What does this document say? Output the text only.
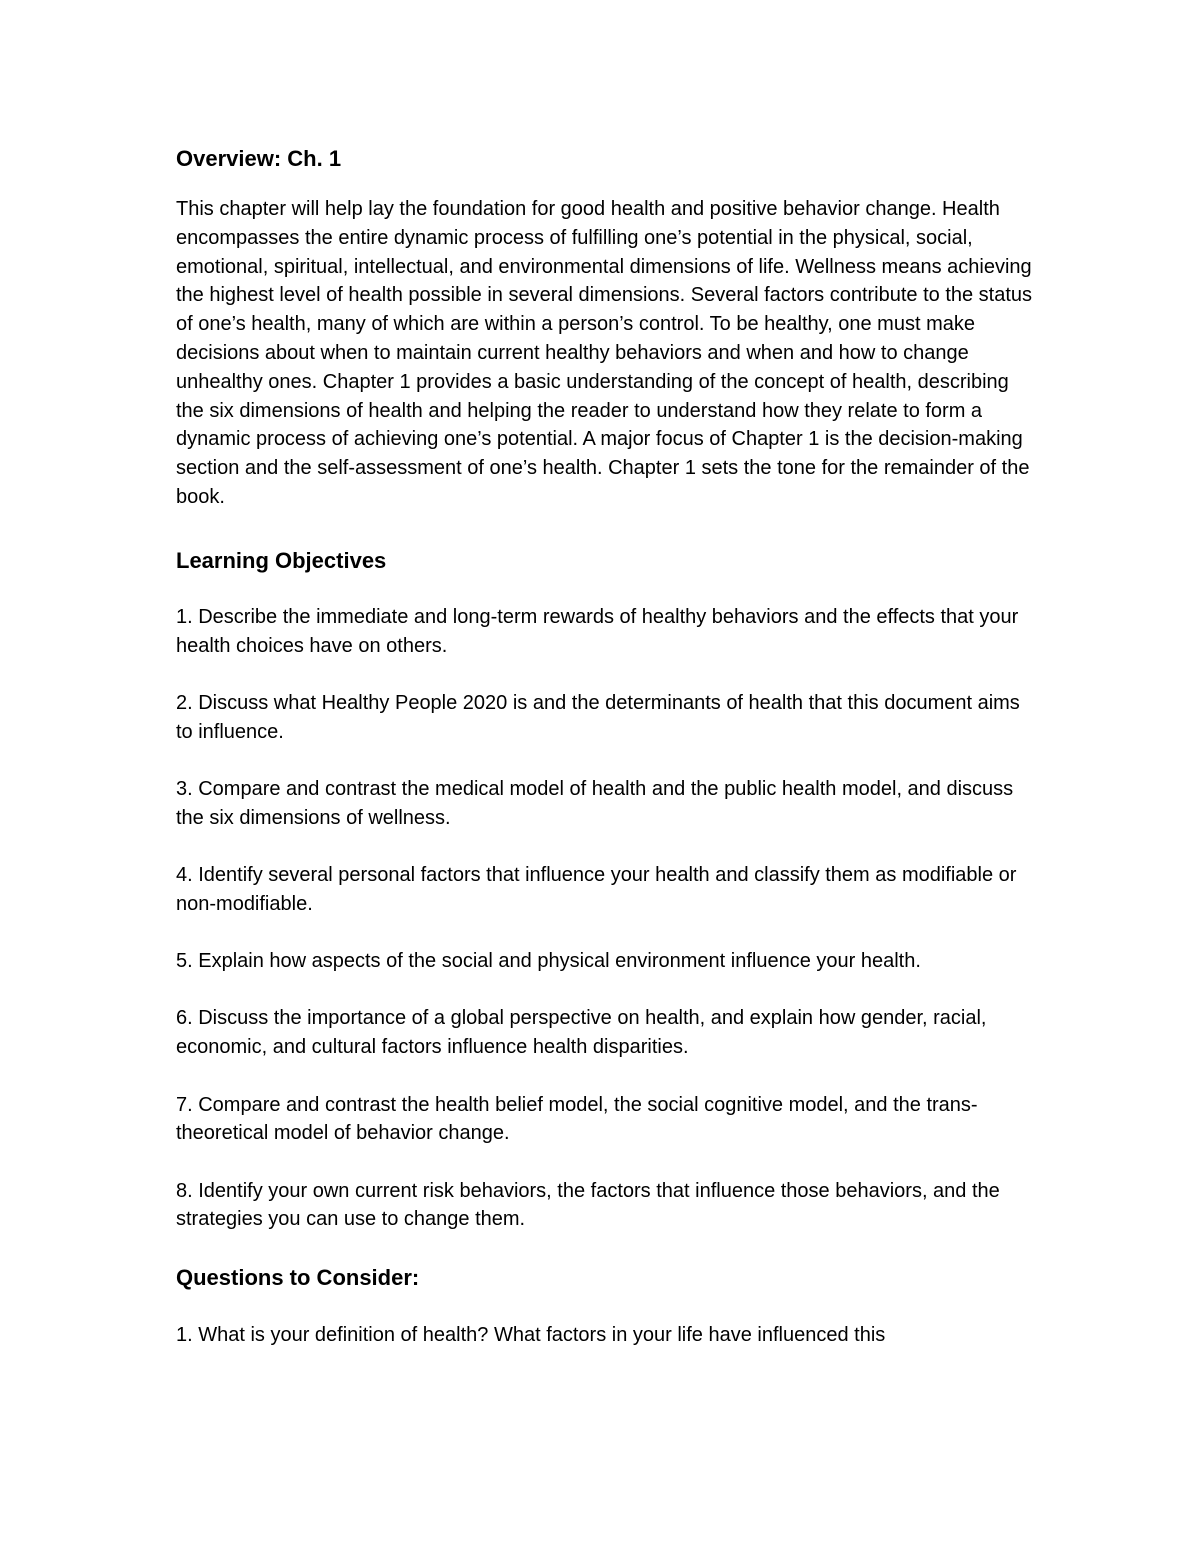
Overview: Ch. 1

This chapter will help lay the foundation for good health and positive behavior change. Health encompasses the entire dynamic process of fulfilling one’s potential in the physical, social, emotional, spiritual, intellectual, and environmental dimensions of life. Wellness means achieving the highest level of health possible in several dimensions. Several factors contribute to the status of one’s health, many of which are within a person’s control. To be healthy, one must make decisions about when to maintain current healthy behaviors and when and how to change unhealthy ones. Chapter 1 provides a basic understanding of the concept of health, describing the six dimensions of health and helping the reader to understand how they relate to form a dynamic process of achieving one’s potential. A major focus of Chapter 1 is the decision-making section and the self-assessment of one’s health. Chapter 1 sets the tone for the remainder of the book.

Learning Objectives

1. Describe the immediate and long-term rewards of healthy behaviors and the effects that your health choices have on others.

2. Discuss what Healthy People 2020 is and the determinants of health that this document aims to influence.

3. Compare and contrast the medical model of health and the public health model, and discuss the six dimensions of wellness.

4. Identify several personal factors that influence your health and classify them as modifiable or non-modifiable.

5. Explain how aspects of the social and physical environment influence your health.

6. Discuss the importance of a global perspective on health, and explain how gender, racial, economic, and cultural factors influence health disparities.

7. Compare and contrast the health belief model, the social cognitive model, and the trans-theoretical model of behavior change.

8. Identify your own current risk behaviors, the factors that influence those behaviors, and the strategies you can use to change them.

Questions to Consider:

1. What is your definition of health? What factors in your life have influenced this
